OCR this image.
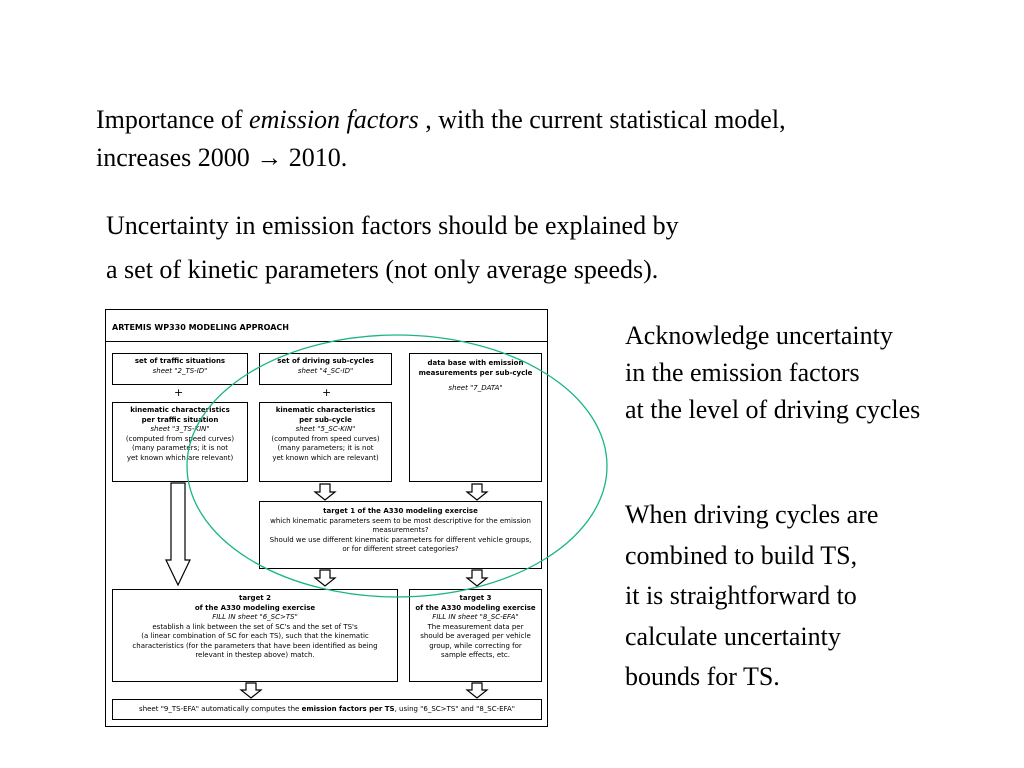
Importance of emission factors , with the current statistical model,
increases 2000 → 2010.
Uncertainty in emission factors should be explained by
a set of kinetic parameters (not only average speeds).
Acknowledge uncertainty
in the emission factors
at the level of driving cycles
When driving cycles are
combined to build TS,
it is straightforward to
calculate uncertainty
bounds for TS.
ARTEMIS WP330 MODELING APPROACH
set of traffic situations
sheet "2_TS-ID"
+
kinematic characteristics
per traffic situation
sheet "3_TS-KIN"
(computed from speed curves)
(many parameters; it is not
yet known which are relevant)
set of driving sub-cycles
sheet "4_SC-ID"
+
kinematic characteristics
per sub-cycle
sheet "5_SC-KIN"
(computed from speed curves)
(many parameters; it is not
yet known which are relevant)
data base with emission
measurements per sub-cycle
sheet "7_DATA"
target 1 of the A330 modeling exercise
which kinematic parameters seem to be most descriptive for the emission
measurements?
Should we use different kinematic parameters for different vehicle groups,
or for different street categories?
target 2
of the A330 modeling exercise
FILL IN sheet "6_SC>TS"
establish a link between the set of SC's and the set of TS's
(a linear combination of SC for each TS), such that the kinematic
characteristics (for the parameters that have been identified as being
relevant in thestep above) match.
target 3
of the A330 modeling exercise
FILL IN sheet "8_SC-EFA"
The measurement data per
should be averaged per vehicle
group, while correcting for
sample effects, etc.
sheet "9_TS-EFA" automatically computes the emission factors per TS, using "6_SC>TS" and "8_SC-EFA"
